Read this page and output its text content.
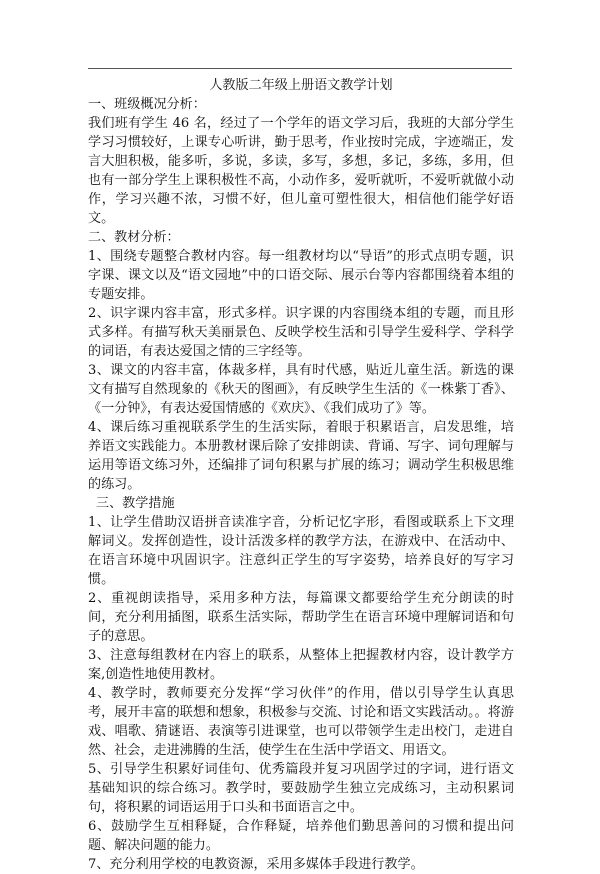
人教版二年级上册语文教学计划

一、班级概况分析：

我们班有学生 46 名，经过了一个学年的语文学习后，我班的大部分学生学习习惯较好，上课专心听讲，勤于思考，作业按时完成，字迹端正，发言大胆积极，能多听，多说，多读，多写，多想，多记，多练，多用，但也有一部分学生上课积极性不高，小动作多，爱听就听，不爱听就做小动作，学习兴趣不浓，习惯不好，但儿童可塑性很大，相信他们能学好语文。

二、教材分析：

1、围绕专题整合教材内容。每一组教材均以“导语”的形式点明专题，识字课、课文以及“语文园地”中的口语交际、展示台等内容都围绕着本组的专题安排。

2、识字课内容丰富，形式多样。识字课的内容围绕本组的专题，而且形式多样。有描写秋天美丽景色、反映学校生活和引导学生爱科学、学科学的词语，有表达爱国之情的三字经等。

3、课文的内容丰富，体裁多样，具有时代感，贴近儿童生活。新选的课文有描写自然现象的《秋天的图画》，有反映学生生活的《一株紫丁香》、《一分钟》，有表达爱国情感的《欢庆》、《我们成功了》等。

4、课后练习重视联系学生的生活实际，着眼于积累语言，启发思维，培养语文实践能力。本册教材课后除了安排朗读、背诵、写字、词句理解与运用等语文练习外，还编排了词句积累与扩展的练习；调动学生积极思维的练习。

三、教学措施

1、让学生借助汉语拼音读准字音，分析记忆字形，看图或联系上下文理解词义。发挥创造性，设计活泼多样的教学方法，在游戏中、在活动中、在语言环境中巩固识字。注意纠正学生的写字姿势，培养良好的写字习惯。

2、重视朗读指导，采用多种方法，每篇课文都要给学生充分朗读的时间，充分利用插图，联系生活实际，帮助学生在语言环境中理解词语和句子的意思。

3、注意每组教材在内容上的联系，从整体上把握教材内容，设计教学方案,创造性地使用教材。

4、教学时，教师要充分发挥“学习伙伴”的作用，借以引导学生认真思考，展开丰富的联想和想象，积极参与交流、讨论和语文实践活动。。将游戏、唱歌、猜谜语、表演等引进课堂，也可以带领学生走出校门，走进自然、社会，走进沸腾的生活，使学生在生活中学语文、用语文。

5、引导学生积累好词佳句、优秀篇段并复习巩固学过的字词，进行语文基础知识的综合练习。教学时，要鼓励学生独立完成练习，主动积累词句，将积累的词语运用于口头和书面语言之中。

6、鼓励学生互相释疑，合作释疑，培养他们勤思善问的习惯和提出问题、解决问题的能力。

7、充分利用学校的电教资源，采用多媒体手段进行教学。
